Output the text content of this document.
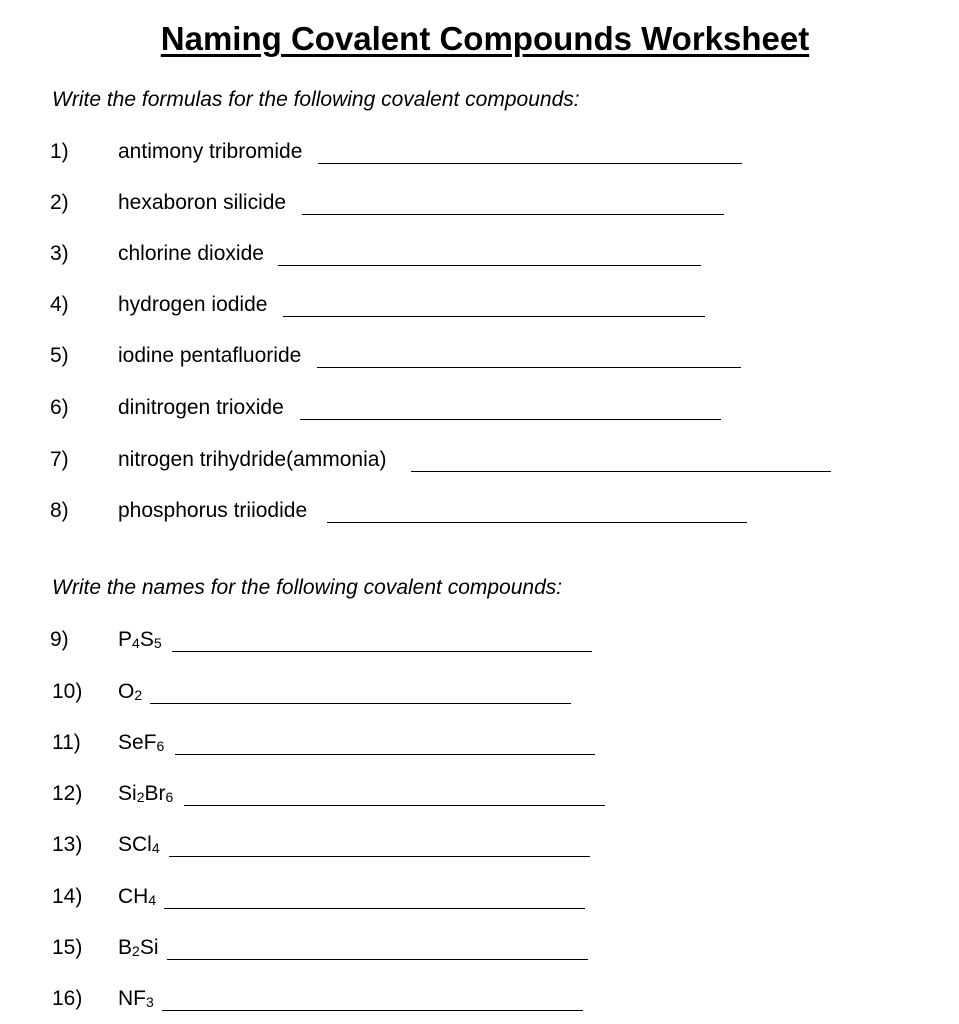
Naming Covalent Compounds Worksheet
Write the formulas for the following covalent compounds:
1) antimony tribromide
2) hexaboron silicide
3) chlorine dioxide
4) hydrogen iodide
5) iodine pentafluoride
6) dinitrogen trioxide
7) nitrogen trihydride(ammonia)
8) phosphorus triiodide
Write the names for the following covalent compounds:
9) $P_4S_5$
10) $O_2$
11) SeF$_6$
12) $Si_2Br_6$
13) SCl$_4$
14) $CH_4$
15) $B_2Si$
16) $NF_3$
